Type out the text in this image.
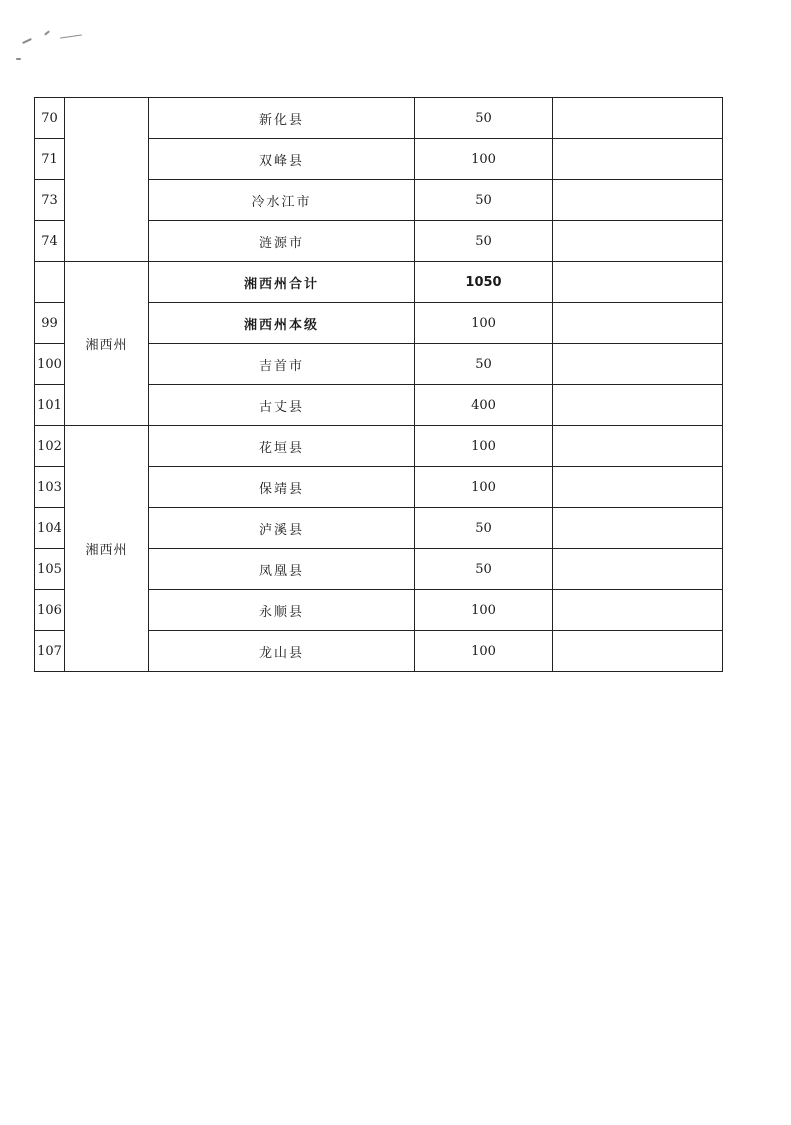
70		新化县	50	
71		双峰县	100	
73		冷水江市	50	
74		涟源市	50	
	湘西州	湘西州合计	1050	
99		湘西州本级	100	
100		吉首市	50	
101		古丈县	400	
102	湘西州	花垣县	100	
103		保靖县	100	
104		泸溪县	50	
105		凤凰县	50	
106		永顺县	100	
107		龙山县	100	
